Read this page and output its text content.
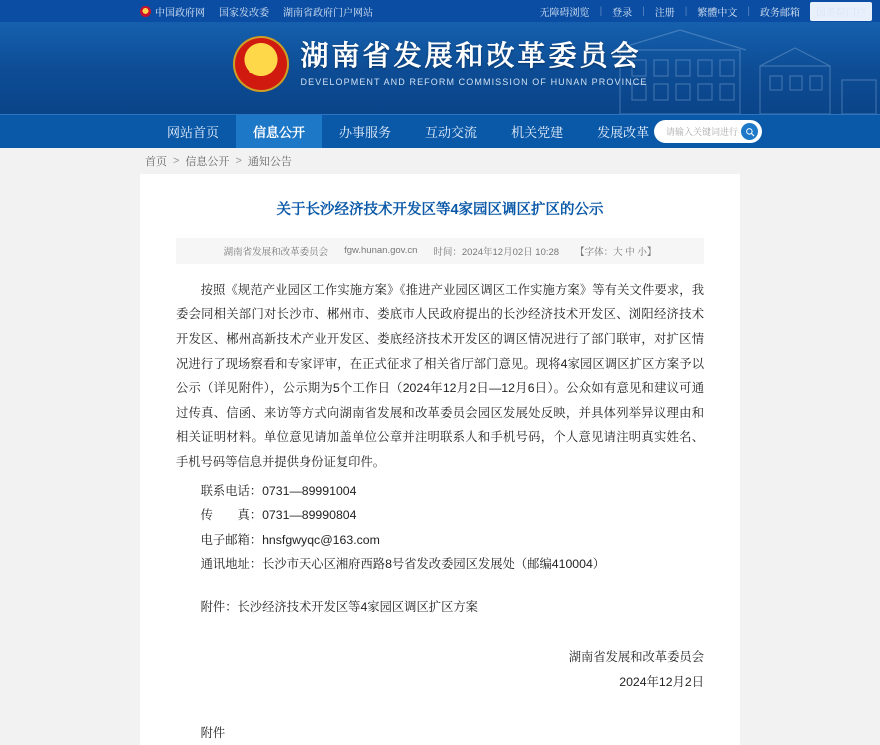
中国政府网 国家发改委 湖南省政府门户网站	无障碍浏览 | 登录 | 注册 | 繁體中文 | 政务邮箱	国务院门户
湖南省发展和改革委员会
DEVELOPMENT AND REFORM COMMISSION OF HUNAN PROVINCE
网站首页	信息公开	办事服务	互动交流	机关党建	发展改革
请输入关键词进行搜索
首页 > 信息公开 > 通知公告
关于长沙经济技术开发区等4家园区调区扩区的公示
湖南省发展和改革委员会 fgw.hunan.gov.cn 时间：2024年12月02日 10:28 【字体：大 中 小】

按照《规范产业园区工作实施方案》《推进产业园区调区工作实施方案》等有关文件要求，我委会同相关部门对长沙市、郴州市、娄底市人民政府提出的长沙经济技术开发区、浏阳经济技术开发区、郴州高新技术产业开发区、娄底经济技术开发区的调区情况进行了部门联审，对扩区情况进行了现场察看和专家评审，在正式征求了相关省厅部门意见。现将4家园区调区扩区方案予以公示（详见附件），公示期为5个工作日（2024年12月2日—12月6日）。公众如有意见和建议可通过传真、信函、来访等方式向湖南省发展和改革委员会园区发展处反映，并具体列举异议理由和相关证明材料。单位意见请加盖单位公章并注明联系人和手机号码，个人意见请注明真实姓名、手机号码等信息并提供身份证复印件。

联系电话：0731—89991004
传　　真：0731—89990804
电子邮箱：hnsfgwyqc@163.com
通讯地址：长沙市天心区湘府西路8号省发改委园区发展处（邮编410004）
附件：长沙经济技术开发区等4家园区调区扩区方案
湖南省发展和改革委员会
2024年12月2日
附件
